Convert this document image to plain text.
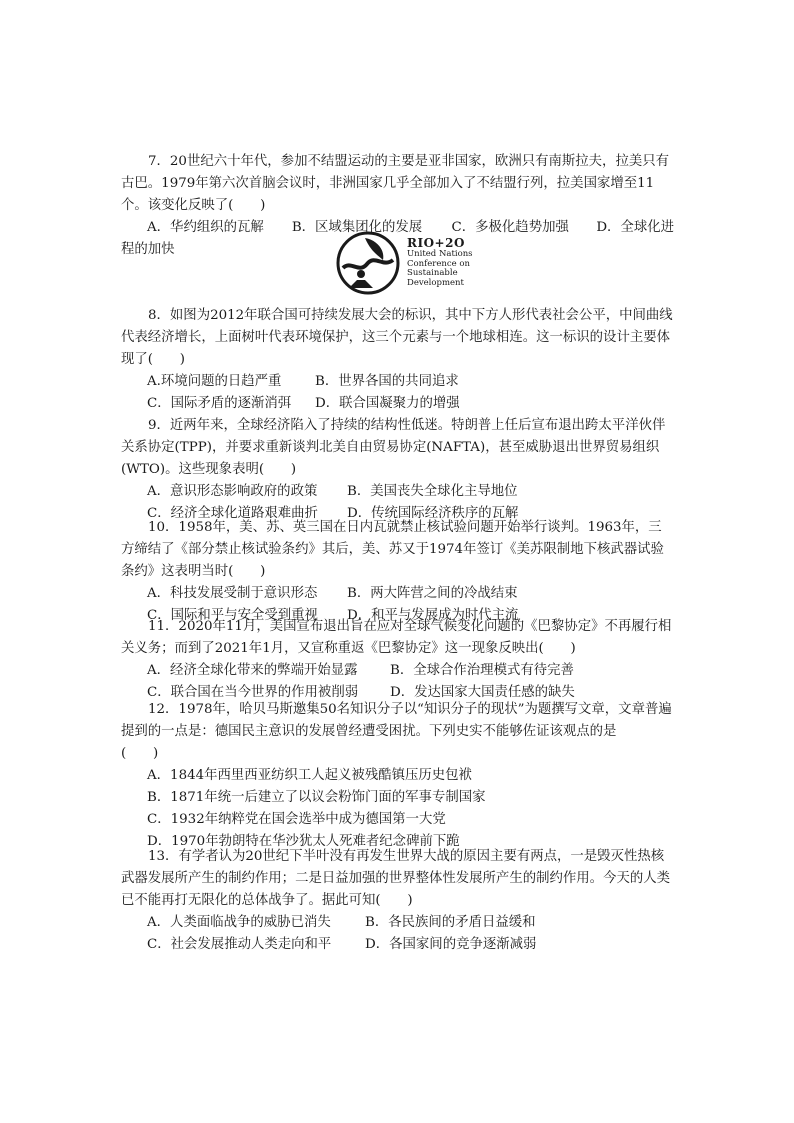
7．20世纪六十年代，参加不结盟运动的主要是亚非国家，欧洲只有南斯拉夫，拉美只有古巴。1979年第六次首脑会议时，非洲国家几乎全部加入了不结盟行列，拉美国家增至11个。该变化反映了(　　)

A．华约组织的瓦解	B．区域集团化的发展	C．多极化趋势加强	D．全球化进

程的加快	RIO+2O
United Nations
Conference on
Sustainable
Development

8．如图为2012年联合国可持续发展大会的标识，其中下方人形代表社会公平，中间曲线代表经济增长，上面树叶代表环境保护，这三个元素与一个地球相连。这一标识的设计主要体现了(　　)

A.环境问题的日趋严重	B．世界各国的共同追求
C．国际矛盾的逐渐消弭	D．联合国凝聚力的增强

9．近两年来，全球经济陷入了持续的结构性低迷。特朗普上任后宣布退出跨太平洋伙伴关系协定(TPP)，并要求重新谈判北美自由贸易协定(NAFTA)，甚至威胁退出世界贸易组织(WTO)。这些现象表明(　　)

A．意识形态影响政府的政策	B．美国丧失全球化主导地位
C．经济全球化道路艰难曲折	D．传统国际经济秩序的瓦解

10．1958年，美、苏、英三国在日内瓦就禁止核试验问题开始举行谈判。1963年，三方缔结了《部分禁止核试验条约》其后，美、苏又于1974年签订《美苏限制地下核武器试验条约》这表明当时(　　)

A．科技发展受制于意识形态	B．两大阵营之间的冷战结束
C．国际和平与安全受到重视	D．和平与发展成为时代主流

11．2020年11月，美国宣布退出旨在应对全球气候变化问题的《巴黎协定》不再履行相关义务；而到了2021年1月，又宣称重返《巴黎协定》这一现象反映出(　　)

A．经济全球化带来的弊端开始显露	B．全球合作治理模式有待完善
C．联合国在当今世界的作用被削弱	D．发达国家大国责任感的缺失

12．1978年，哈贝马斯邀集50名知识分子以“知识分子的现状”为题撰写文章，文章普遍提到的一点是：德国民主意识的发展曾经遭受困扰。下列史实不能够佐证该观点的是

(　　)

A．1844年西里西亚纺织工人起义被残酷镇压历史包袱

B．1871年统一后建立了以议会粉饰门面的军事专制国家

C．1932年纳粹党在国会选举中成为德国第一大党

D．1970年勃朗特在华沙犹太人死难者纪念碑前下跪

13．有学者认为20世纪下半叶没有再发生世界大战的原因主要有两点，一是毁灭性热核武器发展所产生的制约作用；二是日益加强的世界整体性发展所产生的制约作用。今天的人类已不能再打无限化的总体战争了。据此可知(　　)

A．人类面临战争的威胁已消失	B．各民族间的矛盾日益缓和
C．社会发展推动人类走向和平	D．各国家间的竞争逐渐减弱
